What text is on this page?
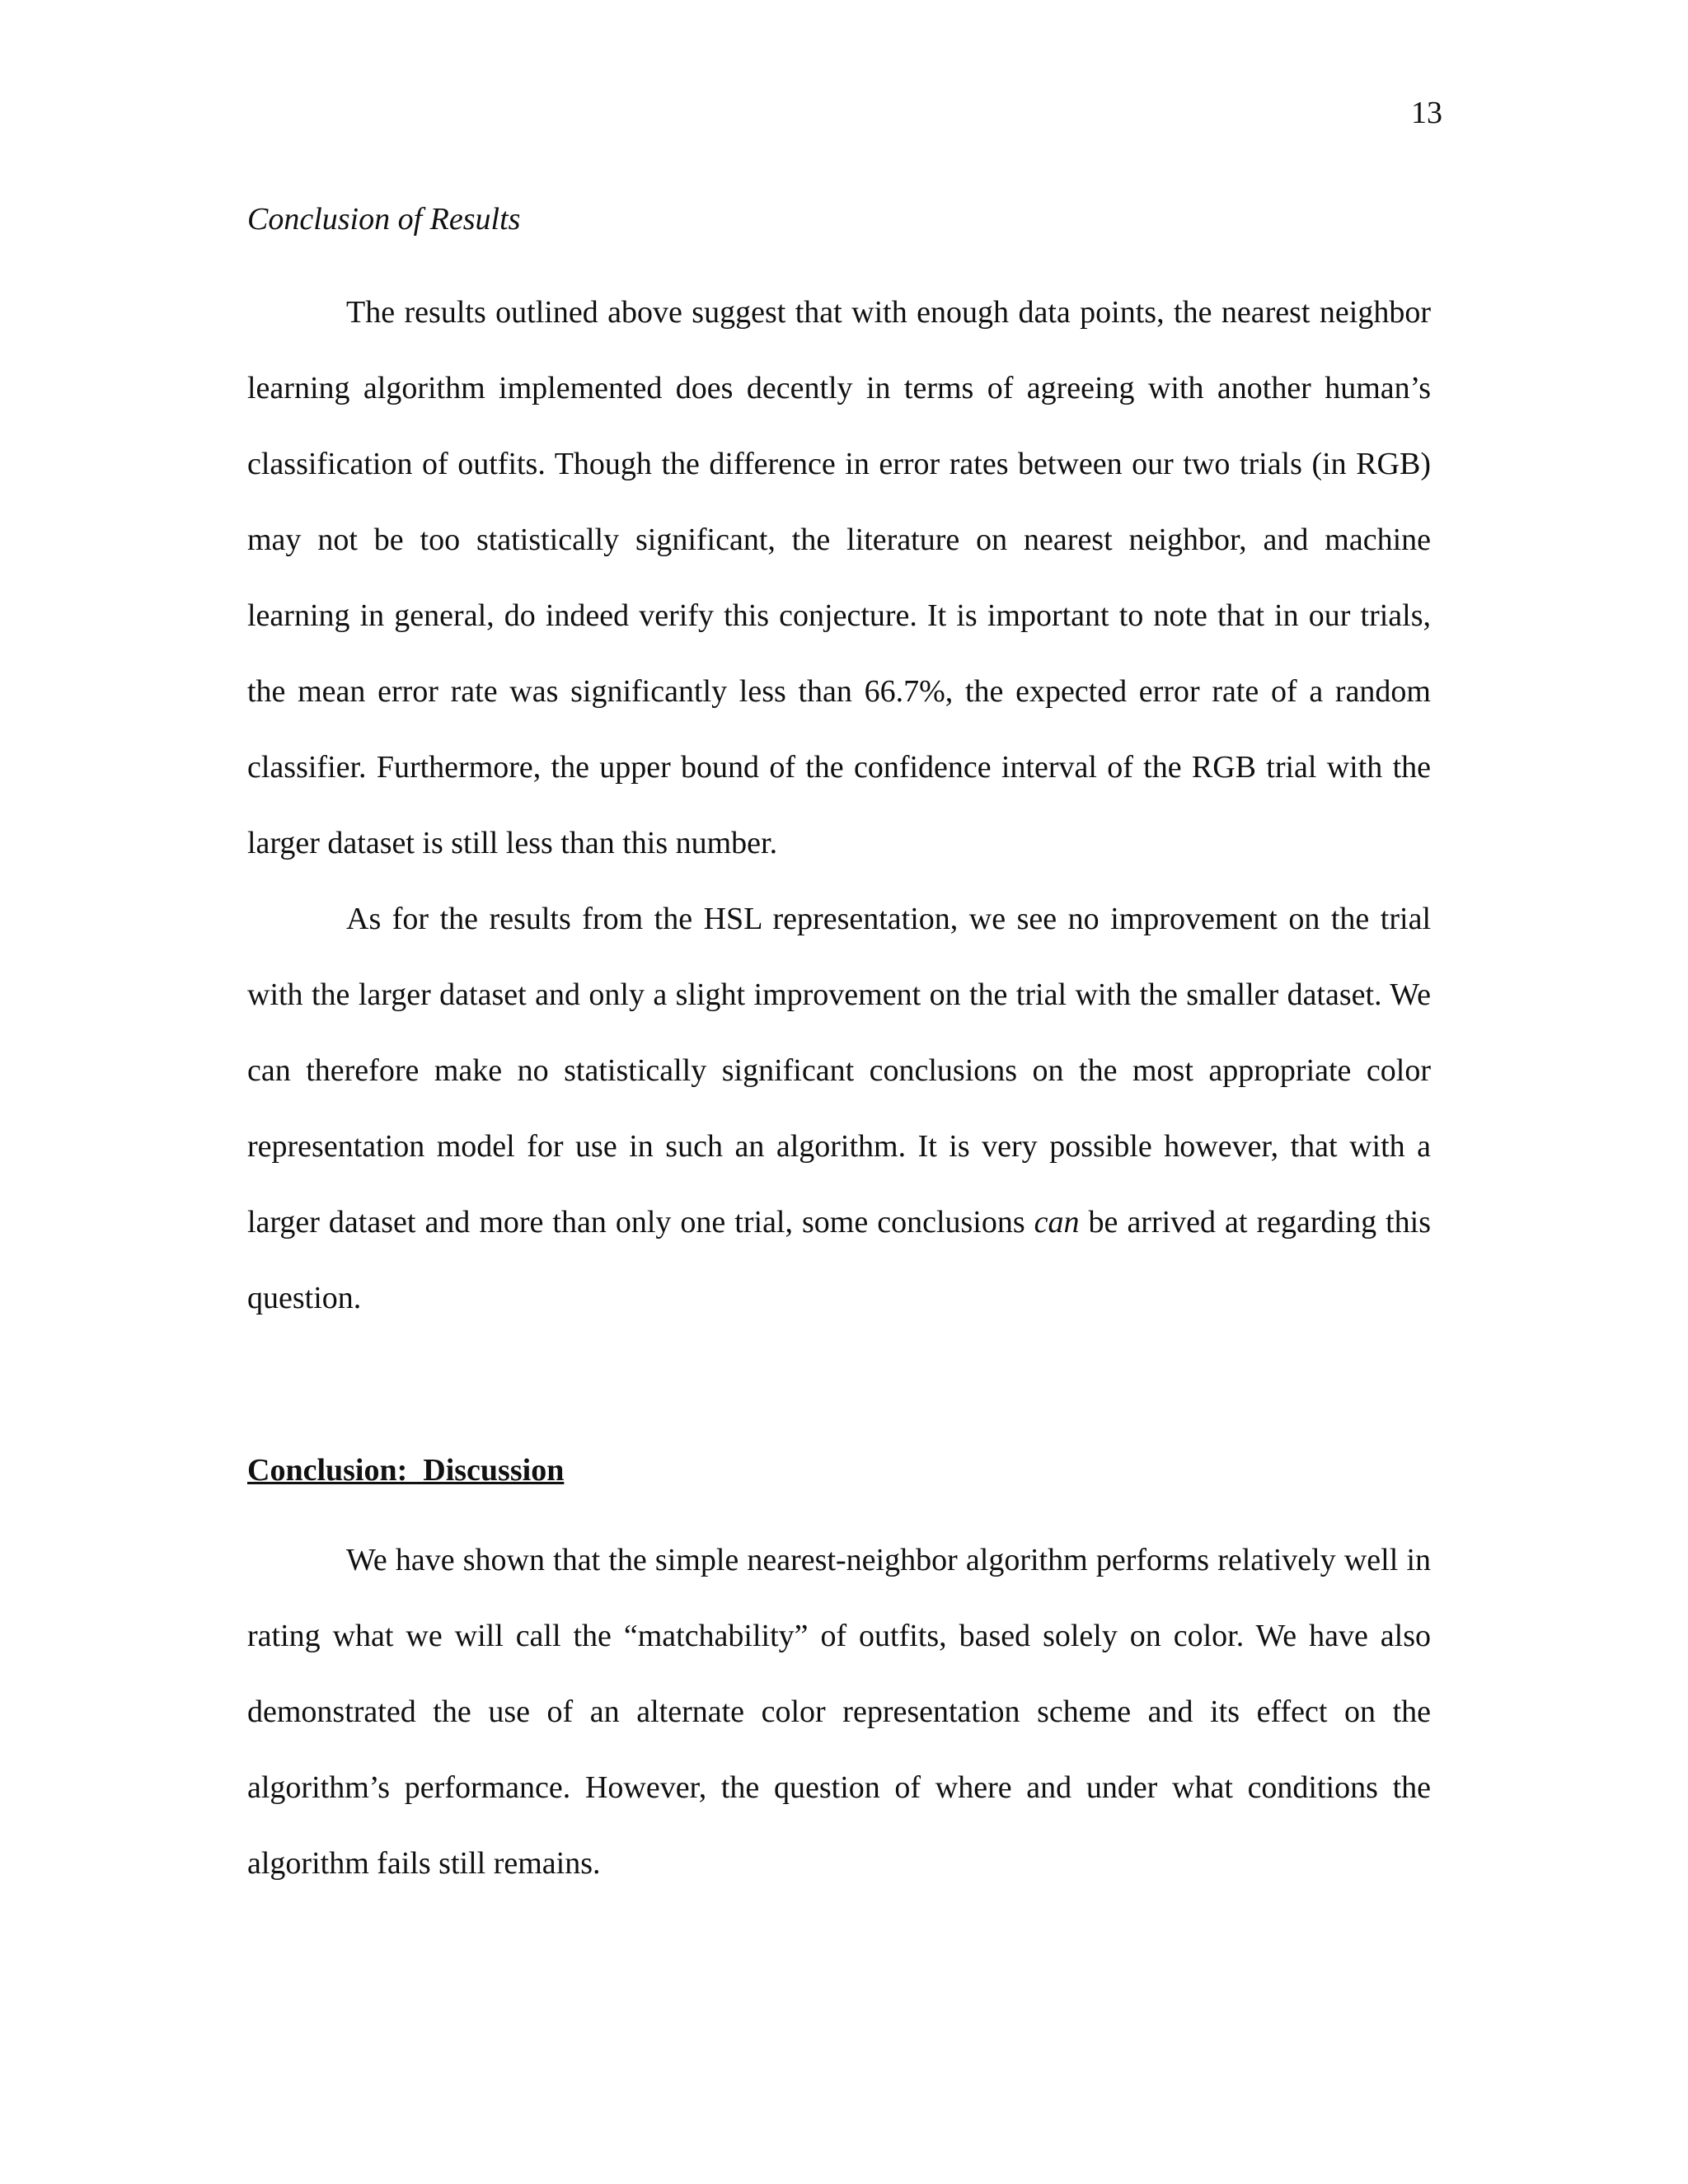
13
Conclusion of Results

The results outlined above suggest that with enough data points, the nearest neighbor learning algorithm implemented does decently in terms of agreeing with another human’s classification of outfits. Though the difference in error rates between our two trials (in RGB) may not be too statistically significant, the literature on nearest neighbor, and machine learning in general, do indeed verify this conjecture. It is important to note that in our trials, the mean error rate was significantly less than 66.7%, the expected error rate of a random classifier. Furthermore, the upper bound of the confidence interval of the RGB trial with the larger dataset is still less than this number.

As for the results from the HSL representation, we see no improvement on the trial with the larger dataset and only a slight improvement on the trial with the smaller dataset. We can therefore make no statistically significant conclusions on the most appropriate color representation model for use in such an algorithm. It is very possible however, that with a larger dataset and more than only one trial, some conclusions can be arrived at regarding this question.

Conclusion:  Discussion

We have shown that the simple nearest-neighbor algorithm performs relatively well in rating what we will call the “matchability” of outfits, based solely on color. We have also demonstrated the use of an alternate color representation scheme and its effect on the algorithm’s performance. However, the question of where and under what conditions the algorithm fails still remains.
